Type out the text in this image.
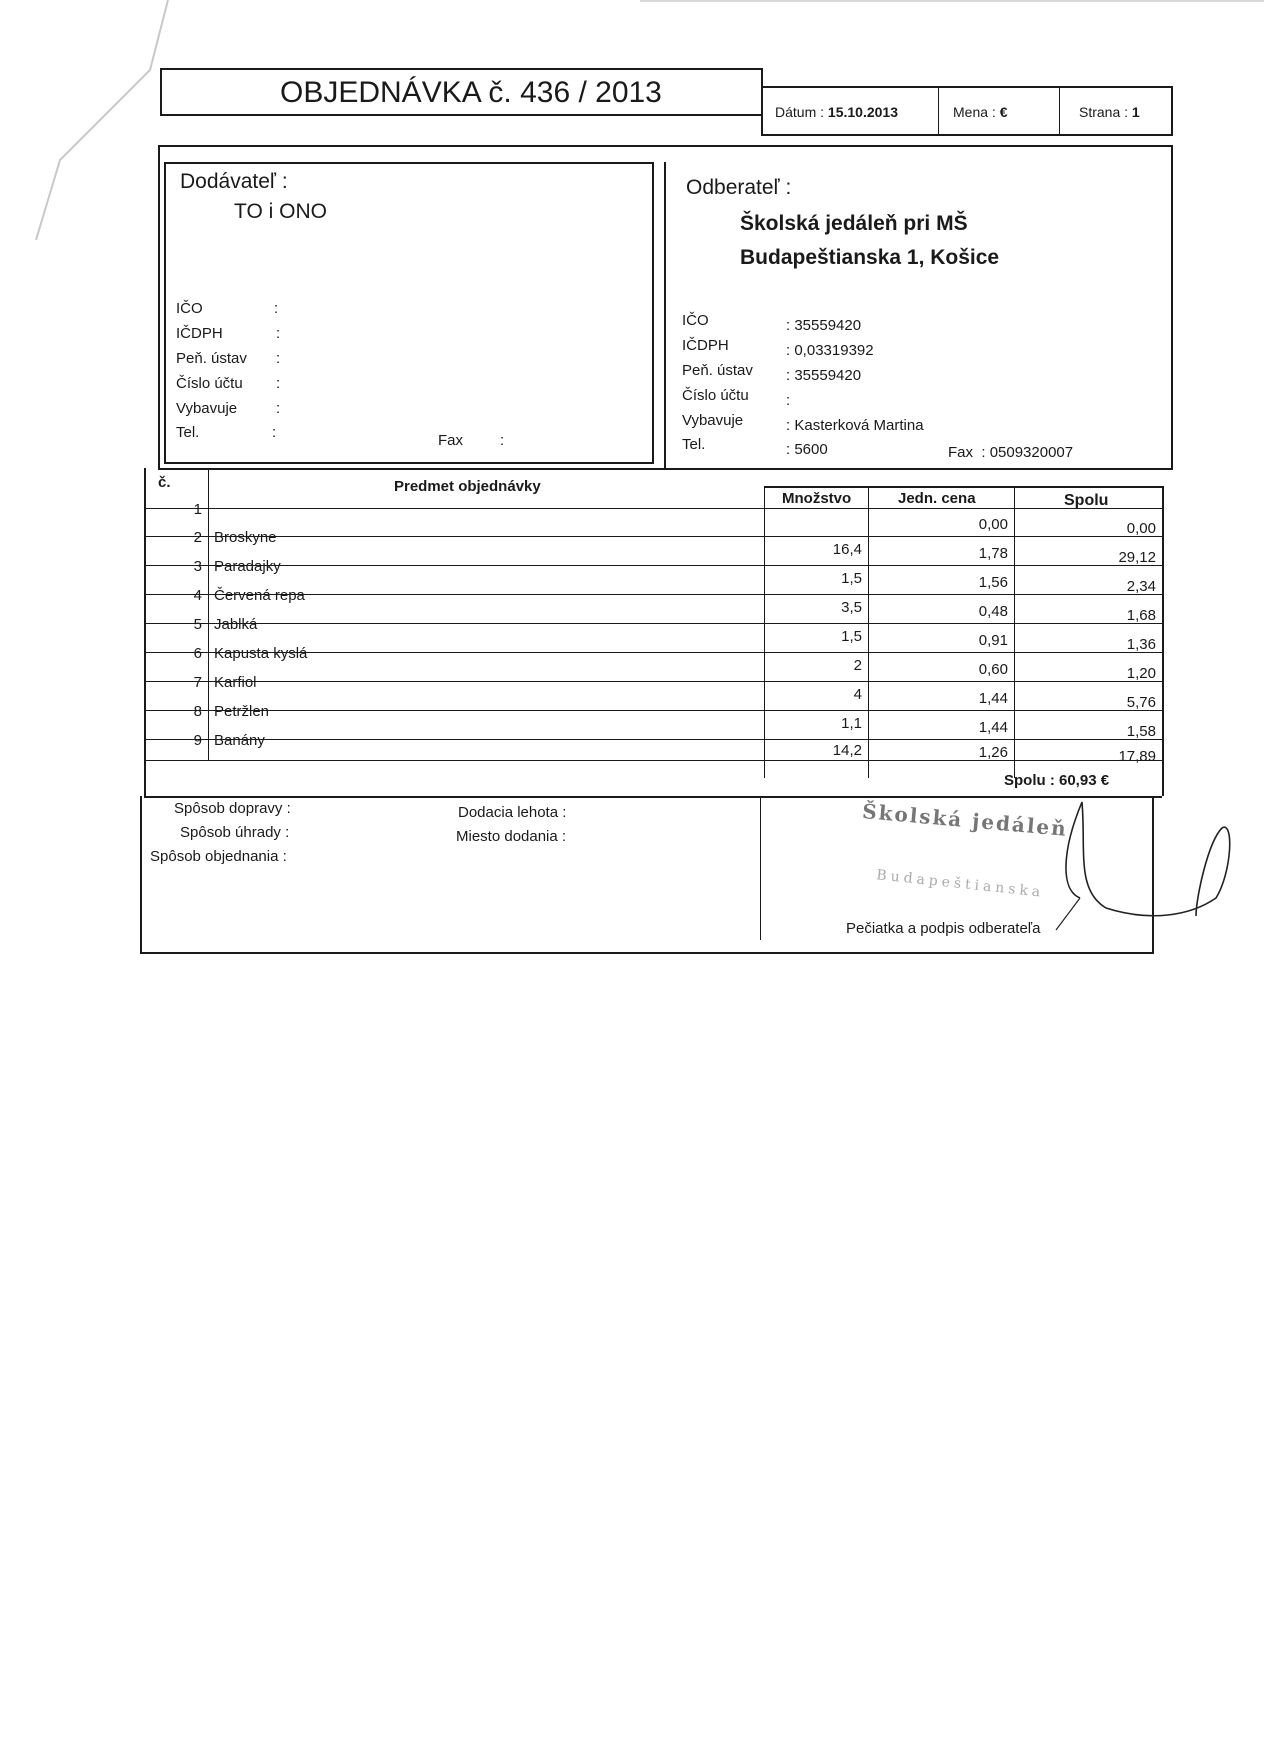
OBJEDNÁVKA č. 436 / 2013
Dátum : 15.10.2013	Mena : €	Strana : 1
Dodávateľ :
TO i ONO
IČO
:
IČDPH
:
Peň. ústav
:
Číslo účtu
:
Vybavuje
:
Tel.
:	Fax
:
Odberateľ :
Školská jedáleň pri MŠ
Budapeštianska 1, Košice
IČO	: 35559420
IČDPH	: 0,03319392
Peň. ústav : 35559420
Číslo účtu :
Vybavuje	: Kasterková Martina
Tel.	: 5600	Fax  : 0509320007
č.	Predmet objednávky
Množstvo	Jedn. cena	Spolu
1
2
3
4
5
6
7
8
9
Broskyne
Paradajky
Červená repa
Jablká
Kapusta kyslá
Karfiol
Petržlen
Banány
16,4
1,5
3,5
1,5
2
4
1,1
14,2
0,00
1,78
1,56
0,48
0,91
0,60
1,44
1,44
1,26
0,00
29,12
2,34
1,68
1,36
1,20
5,76
1,58
17,89
Spolu : 60,93 €
Spôsob dopravy :
Spôsob úhrady :
Spôsob objednania :
Dodacia lehota :
Miesto dodania :	Školská jedáleň
Budapeštianska
Pečiatka a podpis odberateľa
